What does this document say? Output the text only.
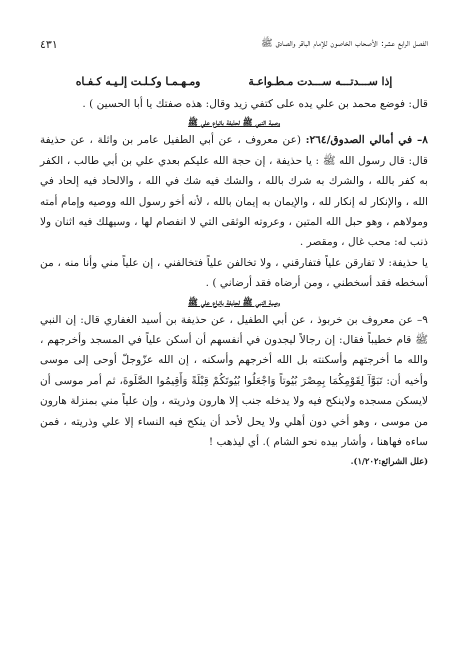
الفصل الرابع عشر: الأصحاب الخاصون للإمام الباقر والصادق ﷺ
٤٣١
إذا ســـدتـــه ســـدت مـطـواعـة
ومـهـمـا وكـلـت إلـيـه كـفـاه

قال: فوضع محمد بن علي يده على كتفي زيد وقال: هذه صفتك يا أبا الحسين ) .

وصية النبي ﷺ لحذيفة باتباع علي ﷺ

٨– في أمالي الصدوق/٢٦٤: (عن معروف ، عن أبي الطفيل عامر بن واثلة ، عن حذيفة قال: قال رسول الله ﷺ : يا حذيفة ، إن حجة الله عليكم بعدي علي بن أبي طالب ، الكفر به كفر بالله ، والشرك به شرك بالله ، والشك فيه شك في الله ، والالحاد فيه إلحاد في الله ، والإنكار له إنكار لله ، والإيمان به إيمان بالله ، لأنه أخو رسول الله ووصيه وإمام أمته ومولاهم ، وهو حبل الله المتين ، وعروته الوثقى التي لا انفصام لها ، وسيهلك فيه اثنان ولا ذنب له: محب غال ، ومقصر .

يا حذيفة: لا تفارقن علياً فتفارقني ، ولا تخالفن علياً فتخالفني ، إن علياً مني وأنا منه ، من أسخطه فقد أسخطني ، ومن أرضاه فقد أرضاني ) .

وصية النبي ﷺ لحذيفة باتباع علي ﷺ

٩– عن معروف بن خربوذ ، عن أبي الطفيل ، عن حذيفة بن أسيد الغفاري قال: إن النبي ﷺ قام خطيباً فقال: إن رجالاً ليجدون في أنفسهم أن أسكن علياً في المسجد وأخرجهم ، والله ما أخرجتهم وأسكنته بل الله أخرجهم وأسكنه ، إن الله عزّوجلّ أوحى إلى موسى وأخيه أن: تَبَوَّآ لِقَوْمِكُمَا بِمِصْرَ بُيُوتاً وَاجْعَلُوا بُيُوتَكُمْ قِبْلَةً وَأَقِيمُوا الصَّلَوةَ، ثم أمر موسى أن لايسكن مسجده ولاينكح فيه ولا يدخله جنب إلا هارون وذريته ، وإن علياً مني بمنزلة هارون من موسى ، وهو أخي دون أهلي ولا يحل لأحد أن ينكح فيه النساء إلا علي وذريته ، فمن ساءه فهاهنا ، وأشار بيده نحو الشام ). أي ليذهب !

(علل الشرائع:١/٢٠٢).
